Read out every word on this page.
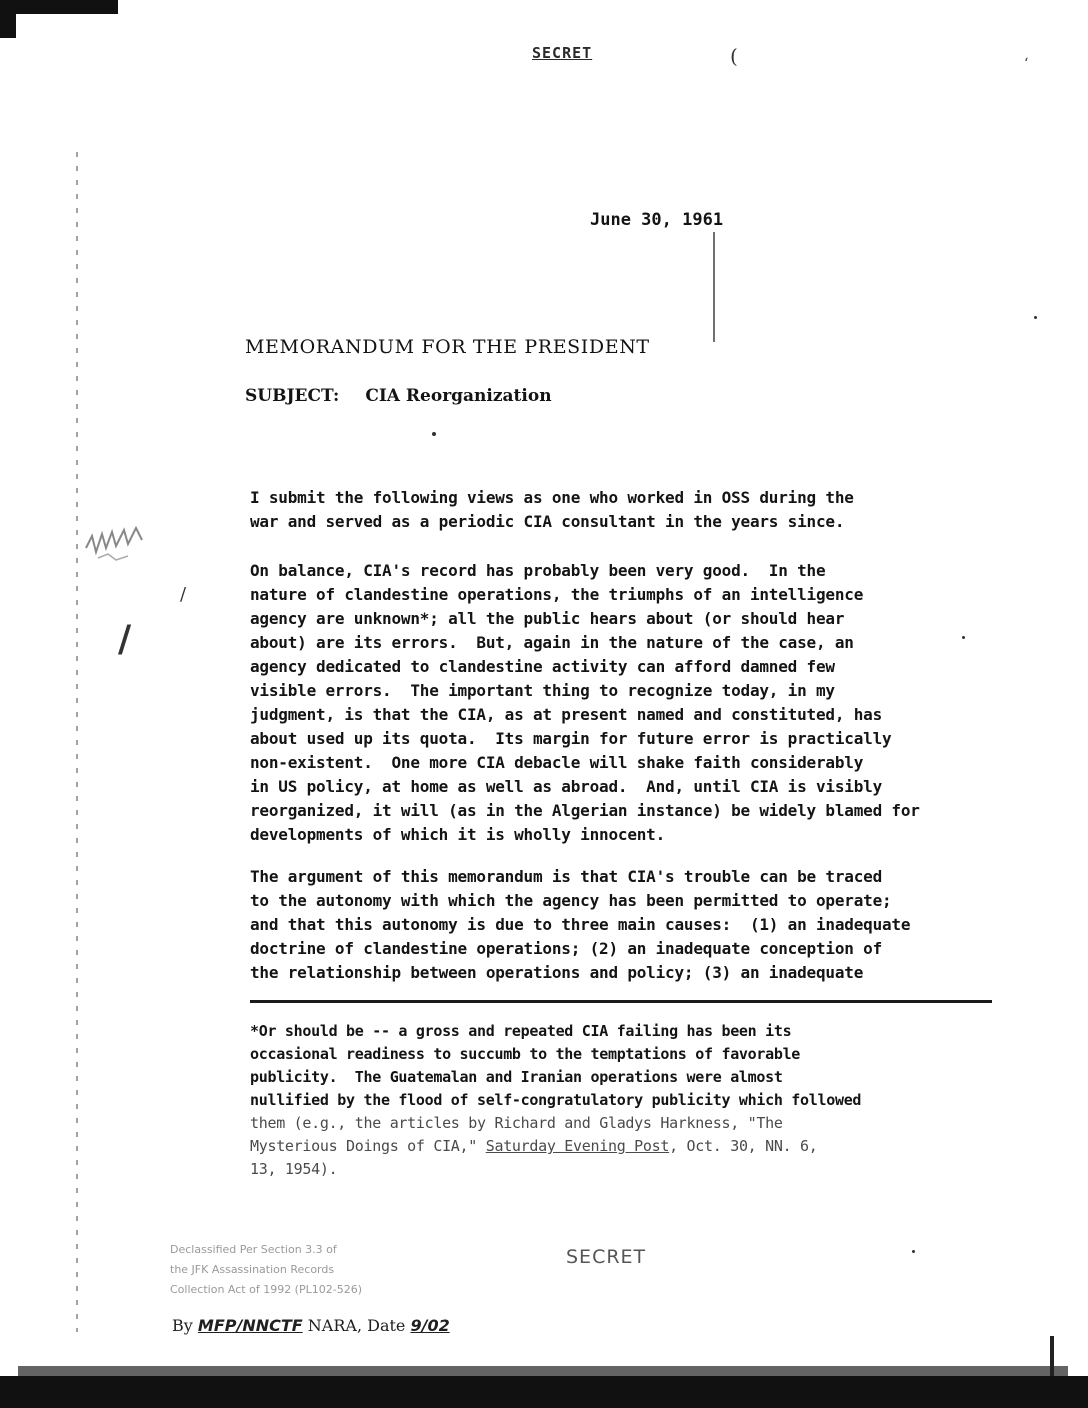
(	‘
/
/
SECRET
June 30, 1961
MEMORANDUM FOR THE PRESIDENT
SUBJECT: CIA Reorganization
I submit the following views as one who worked in OSS during the
war and served as a periodic CIA consultant in the years since.
On balance, CIA's record has probably been very good.  In the
nature of clandestine operations, the triumphs of an intelligence
agency are unknown*; all the public hears about (or should hear
about) are its errors.  But, again in the nature of the case, an
agency dedicated to clandestine activity can afford damned few
visible errors.  The important thing to recognize today, in my
judgment, is that the CIA, as at present named and constituted, has
about used up its quota.  Its margin for future error is practically
non-existent.  One more CIA debacle will shake faith considerably
in US policy, at home as well as abroad.  And, until CIA is visibly
reorganized, it will (as in the Algerian instance) be widely blamed for
developments of which it is wholly innocent.
The argument of this memorandum is that CIA's trouble can be traced
to the autonomy with which the agency has been permitted to operate;
and that this autonomy is due to three main causes:  (1) an inadequate
doctrine of clandestine operations; (2) an inadequate conception of
the relationship between operations and policy; (3) an inadequate
*Or should be -- a gross and repeated CIA failing has been its
occasional readiness to succumb to the temptations of favorable
publicity.  The Guatemalan and Iranian operations were almost
nullified by the flood of self-congratulatory publicity which followed
them (e.g., the articles by Richard and Gladys Harkness, "The
Mysterious Doings of CIA," Saturday Evening Post, Oct. 30, NN. 6,
13, 1954).
Declassified Per Section 3.3 of
the JFK Assassination Records
Collection Act of 1992 (PL102-526)
By MFP/NNCTF NARA, Date 9/02
SECRET
